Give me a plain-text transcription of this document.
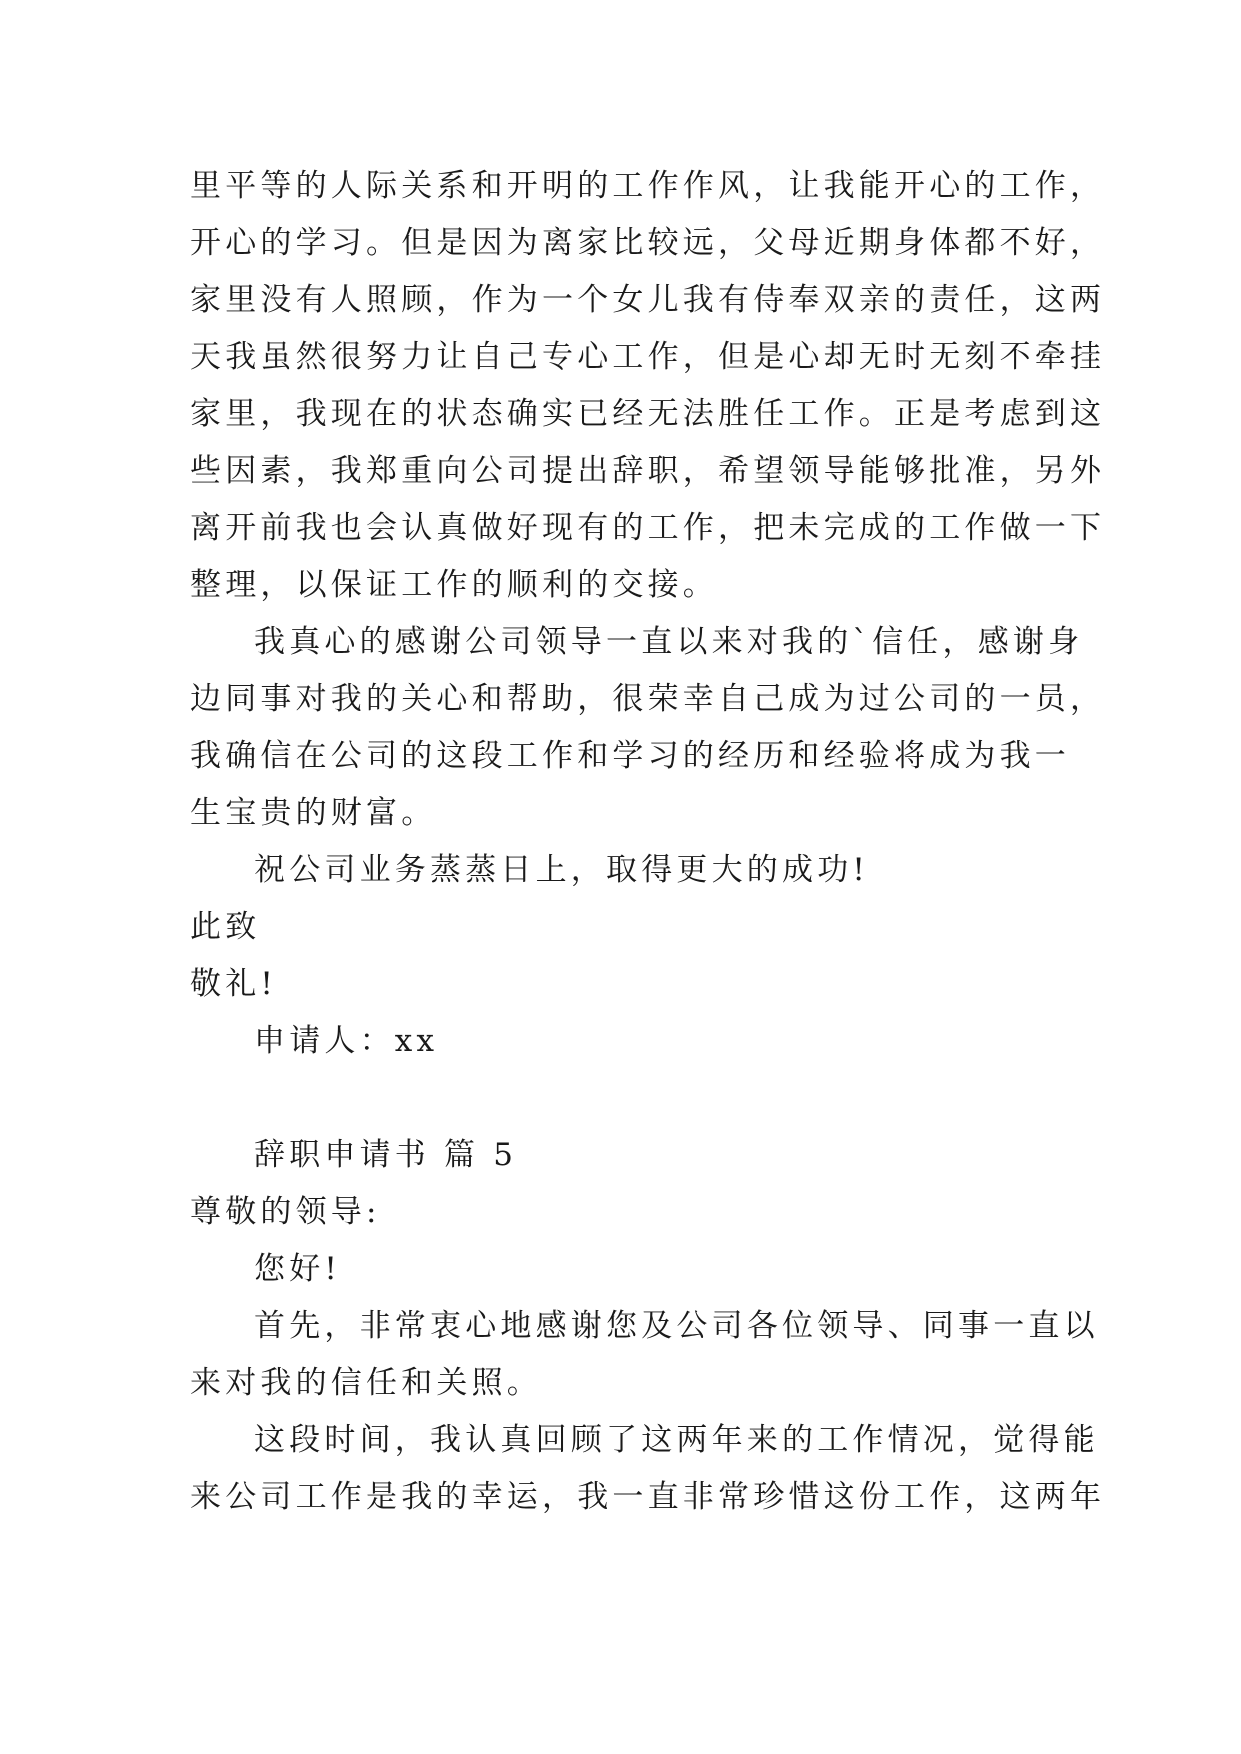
里平等的人际关系和开明的工作作风，让我能开心的工作，
开心的学习。但是因为离家比较远，父母近期身体都不好，
家里没有人照顾，作为一个女儿我有侍奉双亲的责任，这两
天我虽然很努力让自己专心工作，但是心却无时无刻不牵挂
家里，我现在的状态确实已经无法胜任工作。正是考虑到这
些因素，我郑重向公司提出辞职，希望领导能够批准，另外
离开前我也会认真做好现有的工作，把未完成的工作做一下
整理，以保证工作的顺利的交接。
我真心的感谢公司领导一直以来对我的`信任，感谢身
边同事对我的关心和帮助，很荣幸自己成为过公司的一员，
我确信在公司的这段工作和学习的经历和经验将成为我一
生宝贵的财富。
祝公司业务蒸蒸日上，取得更大的成功!
此致
敬礼!
申请人：xx
辞职申请书 篇 5
尊敬的领导:
您好!
首先，非常衷心地感谢您及公司各位领导、同事一直以
来对我的信任和关照。
这段时间，我认真回顾了这两年来的工作情况，觉得能
来公司工作是我的幸运，我一直非常珍惜这份工作，这两年
